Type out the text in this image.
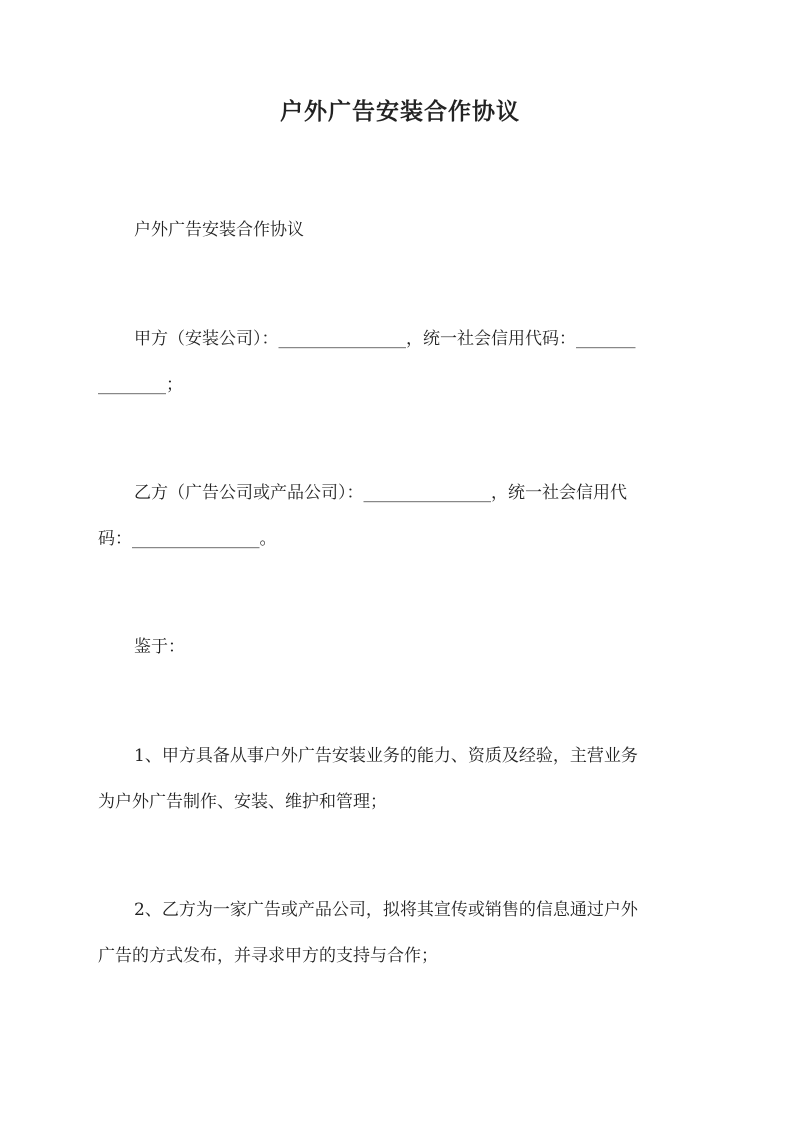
户外广告安装合作协议
户外广告安装合作协议
甲方（安装公司）：_______________，统一社会信用代码：_______
________；
乙方（广告公司或产品公司）：_______________，统一社会信用代
码：_______________。
鉴于：
1、甲方具备从事户外广告安装业务的能力、资质及经验，主营业务
为户外广告制作、安装、维护和管理；
2、乙方为一家广告或产品公司，拟将其宣传或销售的信息通过户外
广告的方式发布，并寻求甲方的支持与合作；
